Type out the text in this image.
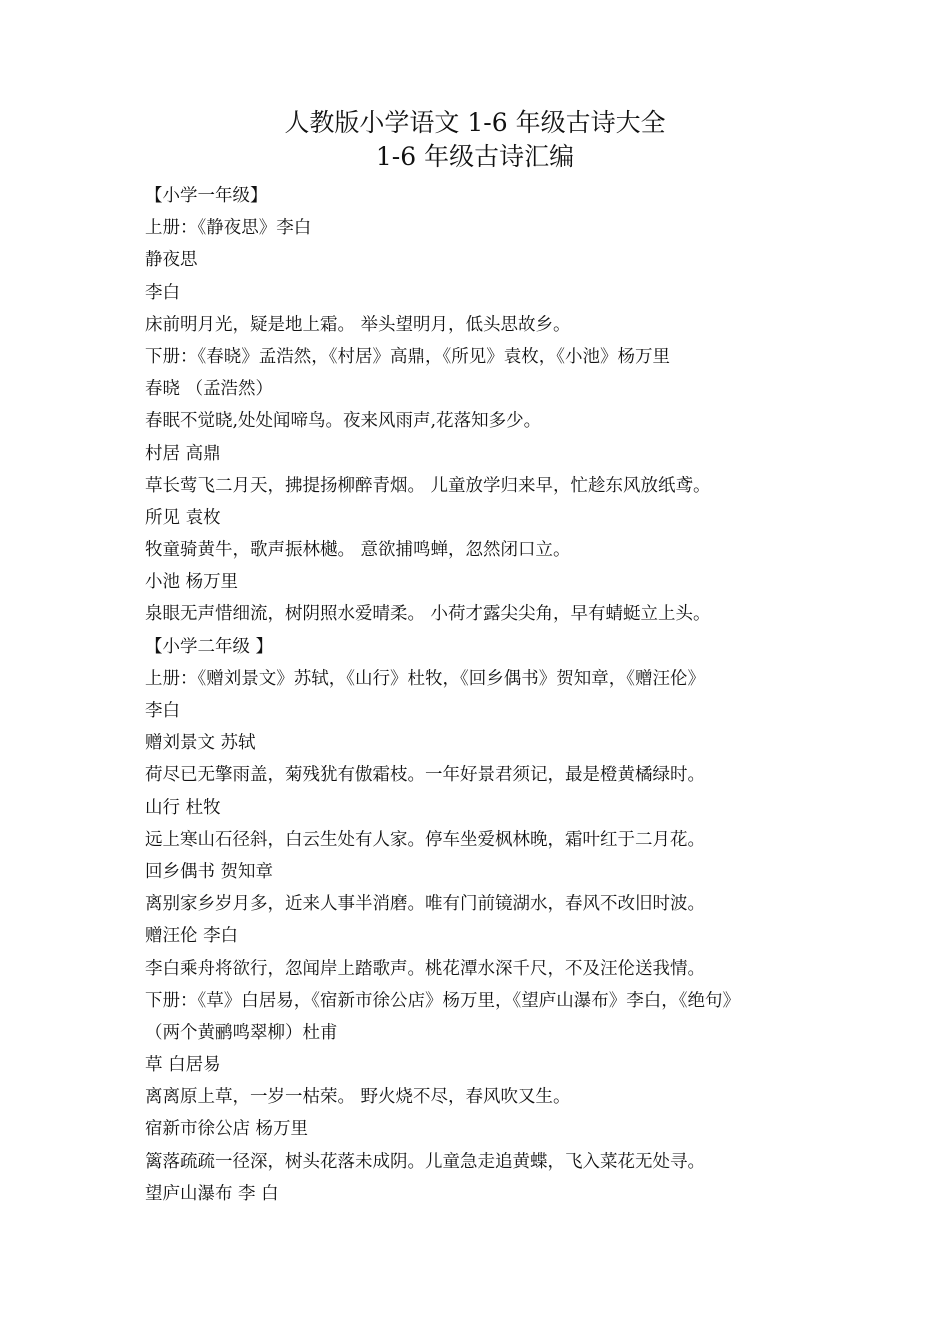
人教版小学语文 1-6 年级古诗大全
1-6 年级古诗汇编
【小学一年级】
上册：《静夜思》李白
静夜思
李白
床前明月光，疑是地上霜。 举头望明月，低头思故乡。
下册：《春晓》孟浩然，《村居》高鼎，《所见》袁枚，《小池》杨万里
春晓 （孟浩然）
春眠不觉晓,处处闻啼鸟。夜来风雨声,花落知多少。
村居 高鼎
草长莺飞二月天，拂提扬柳醉青烟。 儿童放学归来早，忙趁东风放纸鸢。
所见 袁枚
牧童骑黄牛，歌声振林樾。 意欲捕鸣蝉，忽然闭口立。
小池 杨万里
泉眼无声惜细流，树阴照水爱晴柔。 小荷才露尖尖角，早有蜻蜓立上头。
【小学二年级 】
上册：《赠刘景文》苏轼，《山行》杜牧，《回乡偶书》贺知章，《赠汪伦》
李白
赠刘景文 苏轼
荷尽已无擎雨盖，菊残犹有傲霜枝。一年好景君须记，最是橙黄橘绿时。
山行 杜牧
远上寒山石径斜，白云生处有人家。停车坐爱枫林晚，霜叶红于二月花。
回乡偶书 贺知章
离别家乡岁月多，近来人事半消磨。唯有门前镜湖水，春风不改旧时波。
赠汪伦 李白
李白乘舟将欲行，忽闻岸上踏歌声。桃花潭水深千尺，不及汪伦送我情。
下册：《草》白居易，《宿新市徐公店》杨万里，《望庐山瀑布》李白，《绝句》
（两个黄鹂鸣翠柳）杜甫
草 白居易
离离原上草，一岁一枯荣。 野火烧不尽，春风吹又生。
宿新市徐公店 杨万里
篱落疏疏一径深，树头花落未成阴。儿童急走追黄蝶，飞入菜花无处寻。
望庐山瀑布 李 白
